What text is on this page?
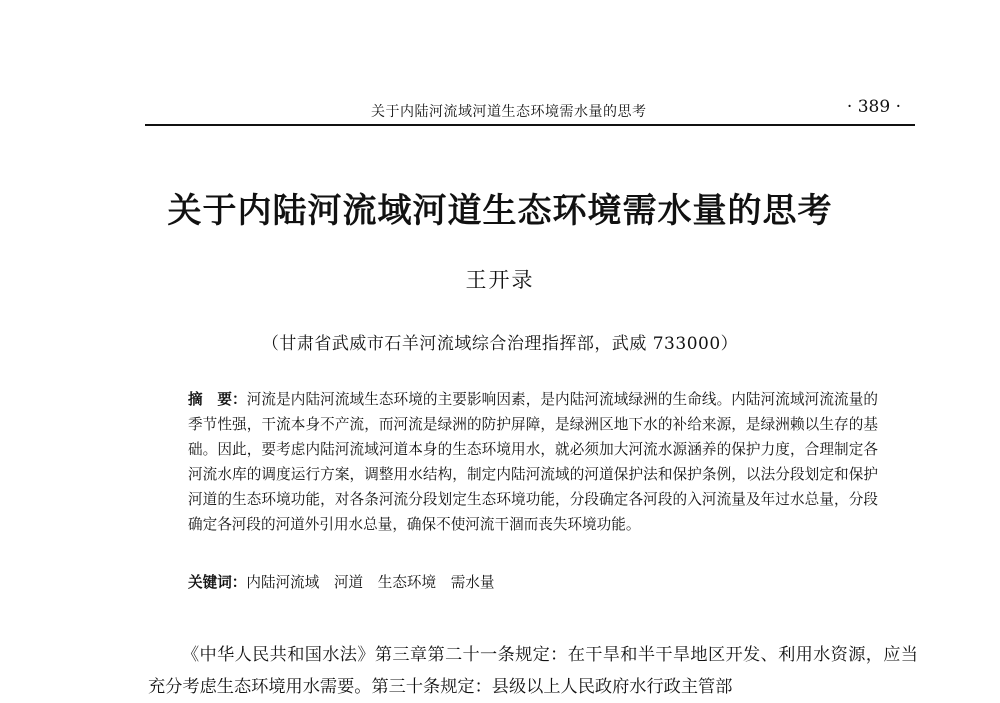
关于内陆河流域河道生态环境需水量的思考	· 389 ·
关于内陆河流域河道生态环境需水量的思考
王开录
（甘肃省武威市石羊河流域综合治理指挥部，武威 733000）
摘　要：河流是内陆河流域生态环境的主要影响因素，是内陆河流域绿洲的生命线。内陆河流域河流流量的季节性强，干流本身不产流，而河流是绿洲的防护屏障，是绿洲区地下水的补给来源，是绿洲赖以生存的基础。因此，要考虑内陆河流域河道本身的生态环境用水，就必须加大河流水源涵养的保护力度，合理制定各河流水库的调度运行方案，调整用水结构，制定内陆河流域的河道保护法和保护条例，以法分段划定和保护河道的生态环境功能，对各条河流分段划定生态环境功能，分段确定各河段的入河流量及年过水总量，分段确定各河段的河道外引用水总量，确保不使河流干涸而丧失环境功能。
关键词：内陆河流域　河道　生态环境　需水量

《中华人民共和国水法》第三章第二十一条规定：在干旱和半干旱地区开发、利用水资源，应当充分考虑生态环境用水需要。第三十条规定：县级以上人民政府水行政主管部
